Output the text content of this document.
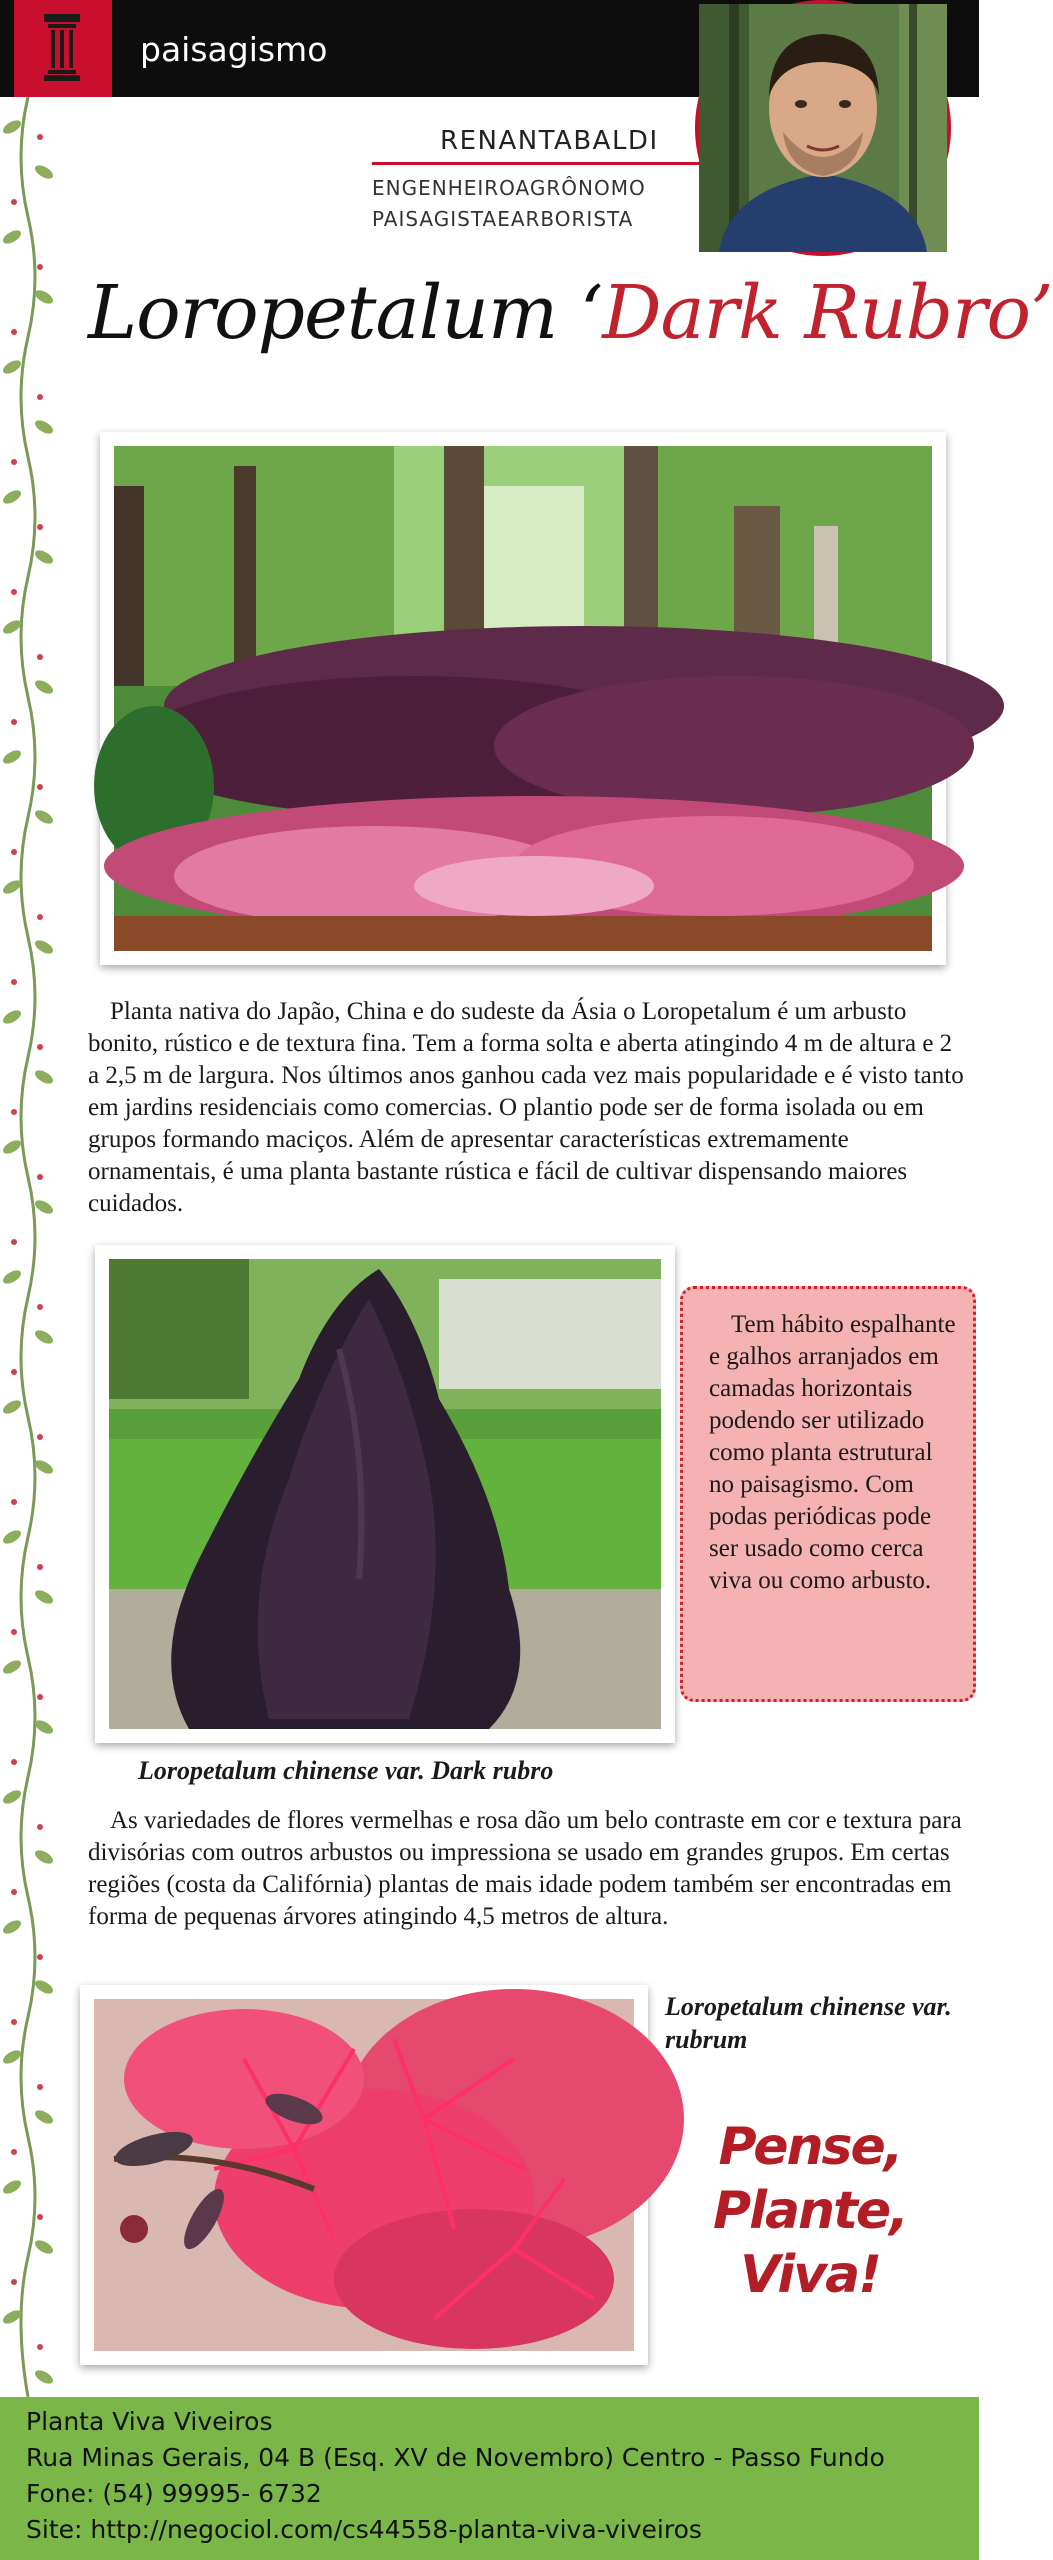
paisagismo
RENANTABALDI
ENGENHEIROAGRÔNOMO
PAISAGISTAEARBORISTA
Loropetalum ‘Dark Rubro’

Planta nativa do Japão, China e do sudeste da Ásia o Loropetalum é um arbusto bonito, rústico e de textura fina. Tem a forma solta e aberta atingindo 4 m de altura e 2 a 2,5 m de largura. Nos últimos anos ganhou cada vez mais popularidade e é visto tanto em jardins residenciais como comercias. O plantio pode ser de forma isolada ou em grupos formando maciços. Além de apresentar características extremamente ornamentais, é uma planta bastante rústica e fácil de cultivar dispensando maiores cuidados.

Tem hábito espalhante e galhos arranjados em camadas horizontais podendo ser utilizado como planta estrutural no paisagismo. Com podas periódicas pode ser usado como cerca viva ou como arbusto.
Loropetalum chinense var. Dark rubro

As variedades de flores vermelhas e rosa dão um belo contraste em cor e textura para divisórias com outros arbustos ou impressiona se usado em grandes grupos. Em certas regiões (costa da Califórnia) plantas de mais idade podem também ser encontradas em forma de pequenas árvores atingindo 4,5 metros de altura.

Loropetalum chinense var. rubrum
Pense,
Plante,
Viva!
Planta Viva Viveiros
Rua Minas Gerais, 04 B (Esq. XV de Novembro) Centro - Passo Fundo
Fone: (54) 99995- 6732
Site: http://negociol.com/cs44558-planta-viva-viveiros
